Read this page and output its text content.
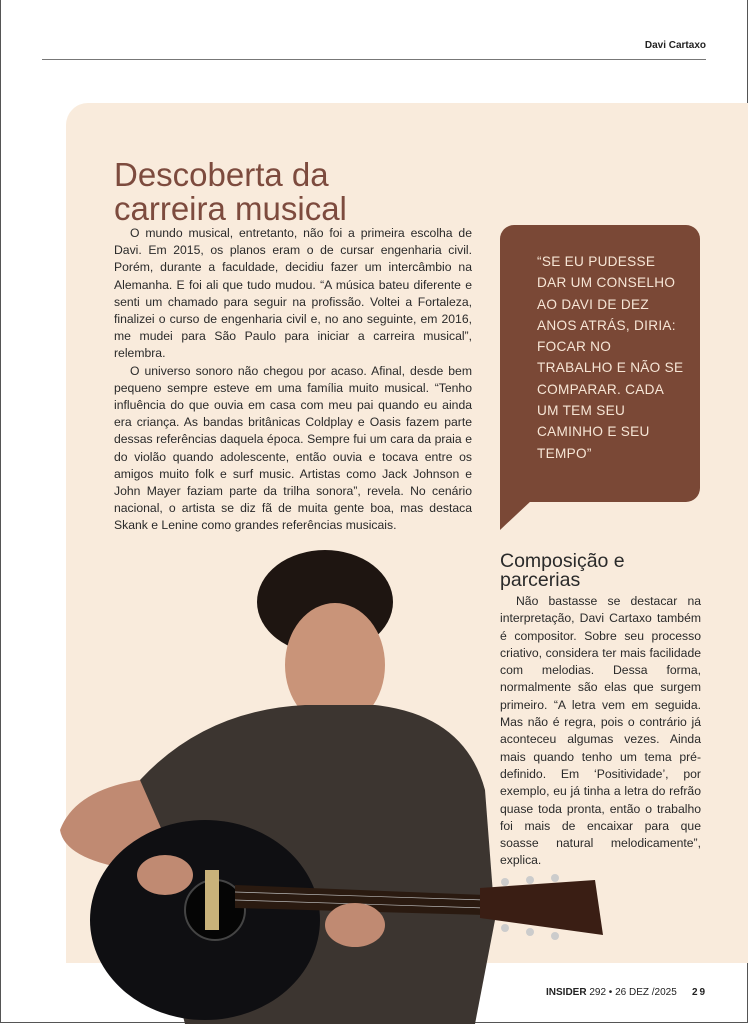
Davi Cartaxo
Descoberta da carreira musical

O mundo musical, entretanto, não foi a primeira escolha de Davi. Em 2015, os planos eram o de cursar engenharia civil. Porém, durante a faculdade, decidiu fazer um intercâmbio na Alemanha. E foi ali que tudo mudou. “A música bateu diferente e senti um chamado para seguir na profissão. Voltei a Fortaleza, finalizei o curso de engenharia civil e, no ano seguinte, em 2016, me mudei para São Paulo para iniciar a carreira musical”, relembra.

O universo sonoro não chegou por acaso. Afinal, desde bem pequeno sempre esteve em uma família muito musical. “Tenho influência do que ouvia em casa com meu pai quando eu ainda era criança. As bandas britânicas Coldplay e Oasis fazem parte dessas referências daquela época. Sempre fui um cara da praia e do violão quando adolescente, então ouvia e tocava entre os amigos muito folk e surf music. Artistas como Jack Johnson e John Mayer faziam parte da trilha sonora”, revela. No cenário nacional, o artista se diz fã de muita gente boa, mas destaca Skank e Lenine como grandes referências musicais.

“SE EU PUDESSE DAR UM CONSELHO AO DAVI DE DEZ ANOS ATRÁS, DIRIA: FOCAR NO TRABALHO E NÃO SE COMPARAR. CADA UM TEM SEU CAMINHO E SEU TEMPO”
Composição e parcerias

Não bastasse se destacar na interpretação, Davi Cartaxo também é compositor. Sobre seu processo criativo, considera ter mais facilidade com melodias. Dessa forma, normalmente são elas que surgem primeiro. “A letra vem em seguida. Mas não é regra, pois o contrário já aconteceu algumas vezes. Ainda mais quando tenho um tema pré-definido. Em ‘Positividade’, por exemplo, eu já tinha a letra do refrão quase toda pronta, então o trabalho foi mais de encaixar para que soasse natural melodicamente”, explica.

INSIDER 292 • 26 DEZ /2025 29
